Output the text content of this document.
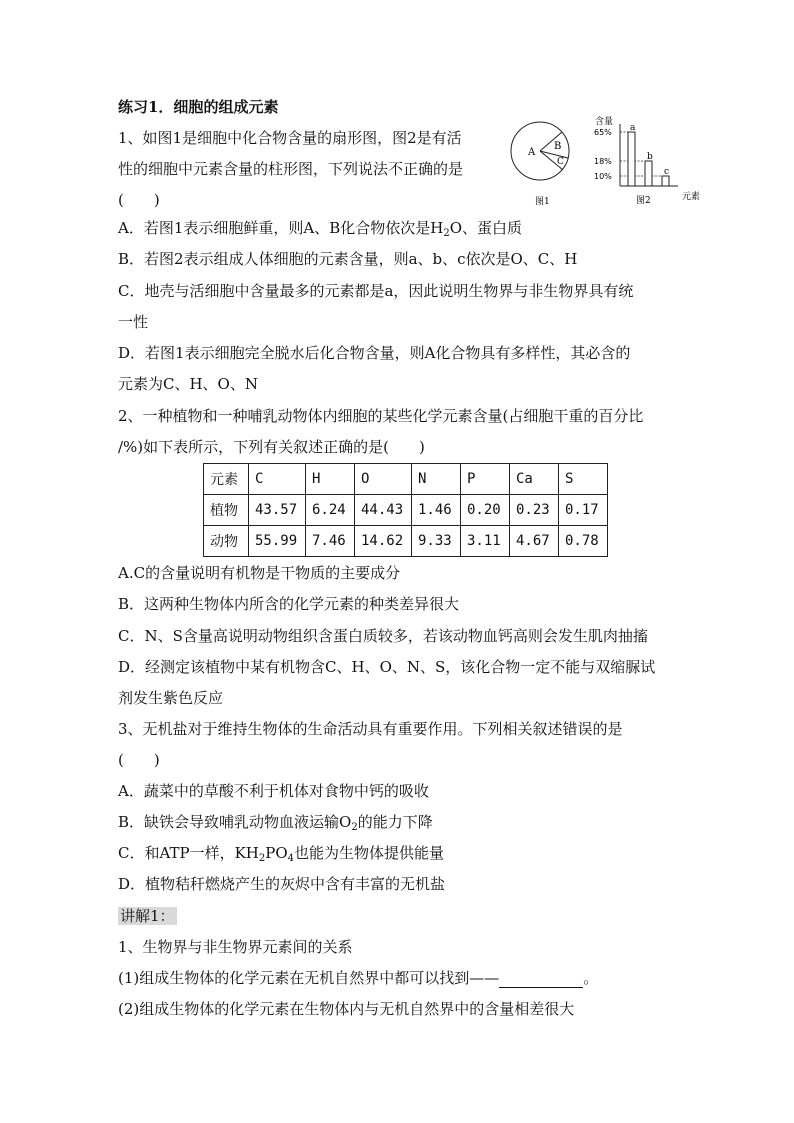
练习1．细胞的组成元素
1、如图1是细胞中化合物含量的扇形图，图2是有活
性的细胞中元素含量的柱形图，下列说法不正确的是
(　　)
A．若图1表示细胞鲜重，则A、B化合物依次是$H_2O$、蛋白质
B．若图2表示组成人体细胞的元素含量，则a、b、c依次是O、C、H
C．地壳与活细胞中含量最多的元素都是a，因此说明生物界与非生物界具有统
一性
D．若图1表示细胞完全脱水后化合物含量，则A化合物具有多样性，其必含的
元素为C、H、O、N
A
B
C
图1
含量
65%
18%
10%
a
b
c
图2	元素
2、一种植物和一种哺乳动物体内细胞的某些化学元素含量(占细胞干重的百分比
/%)如下表所示，下列有关叙述正确的是(　　)
元素	C	H	O	N	P	Ca	S
植物	43.57	6.24	44.43	1.46	0.20	0.23	0.17
动物	55.99	7.46	14.62	9.33	3.11	4.67	0.78
A.C的含量说明有机物是干物质的主要成分
B．这两种生物体内所含的化学元素的种类差异很大
C．N、S含量高说明动物组织含蛋白质较多，若该动物血钙高则会发生肌肉抽搐
D．经测定该植物中某有机物含C、H、O、N、S，该化合物一定不能与双缩脲试
剂发生紫色反应
3、无机盐对于维持生物体的生命活动具有重要作用。下列相关叙述错误的是
(　　)
A．蔬菜中的草酸不利于机体对食物中钙的吸收
B．缺铁会导致哺乳动物血液运输$O_2$的能力下降
C．和ATP一样，$KH_2PO_4$也能为生物体提供能量
D．植物秸秆燃烧产生的灰烬中含有丰富的无机盐
讲解1：
1、生物界与非生物界元素间的关系
(1)组成生物体的化学元素在无机自然界中都可以找到——	。
(2)组成生物体的化学元素在生物体内与无机自然界中的含量相差很大
